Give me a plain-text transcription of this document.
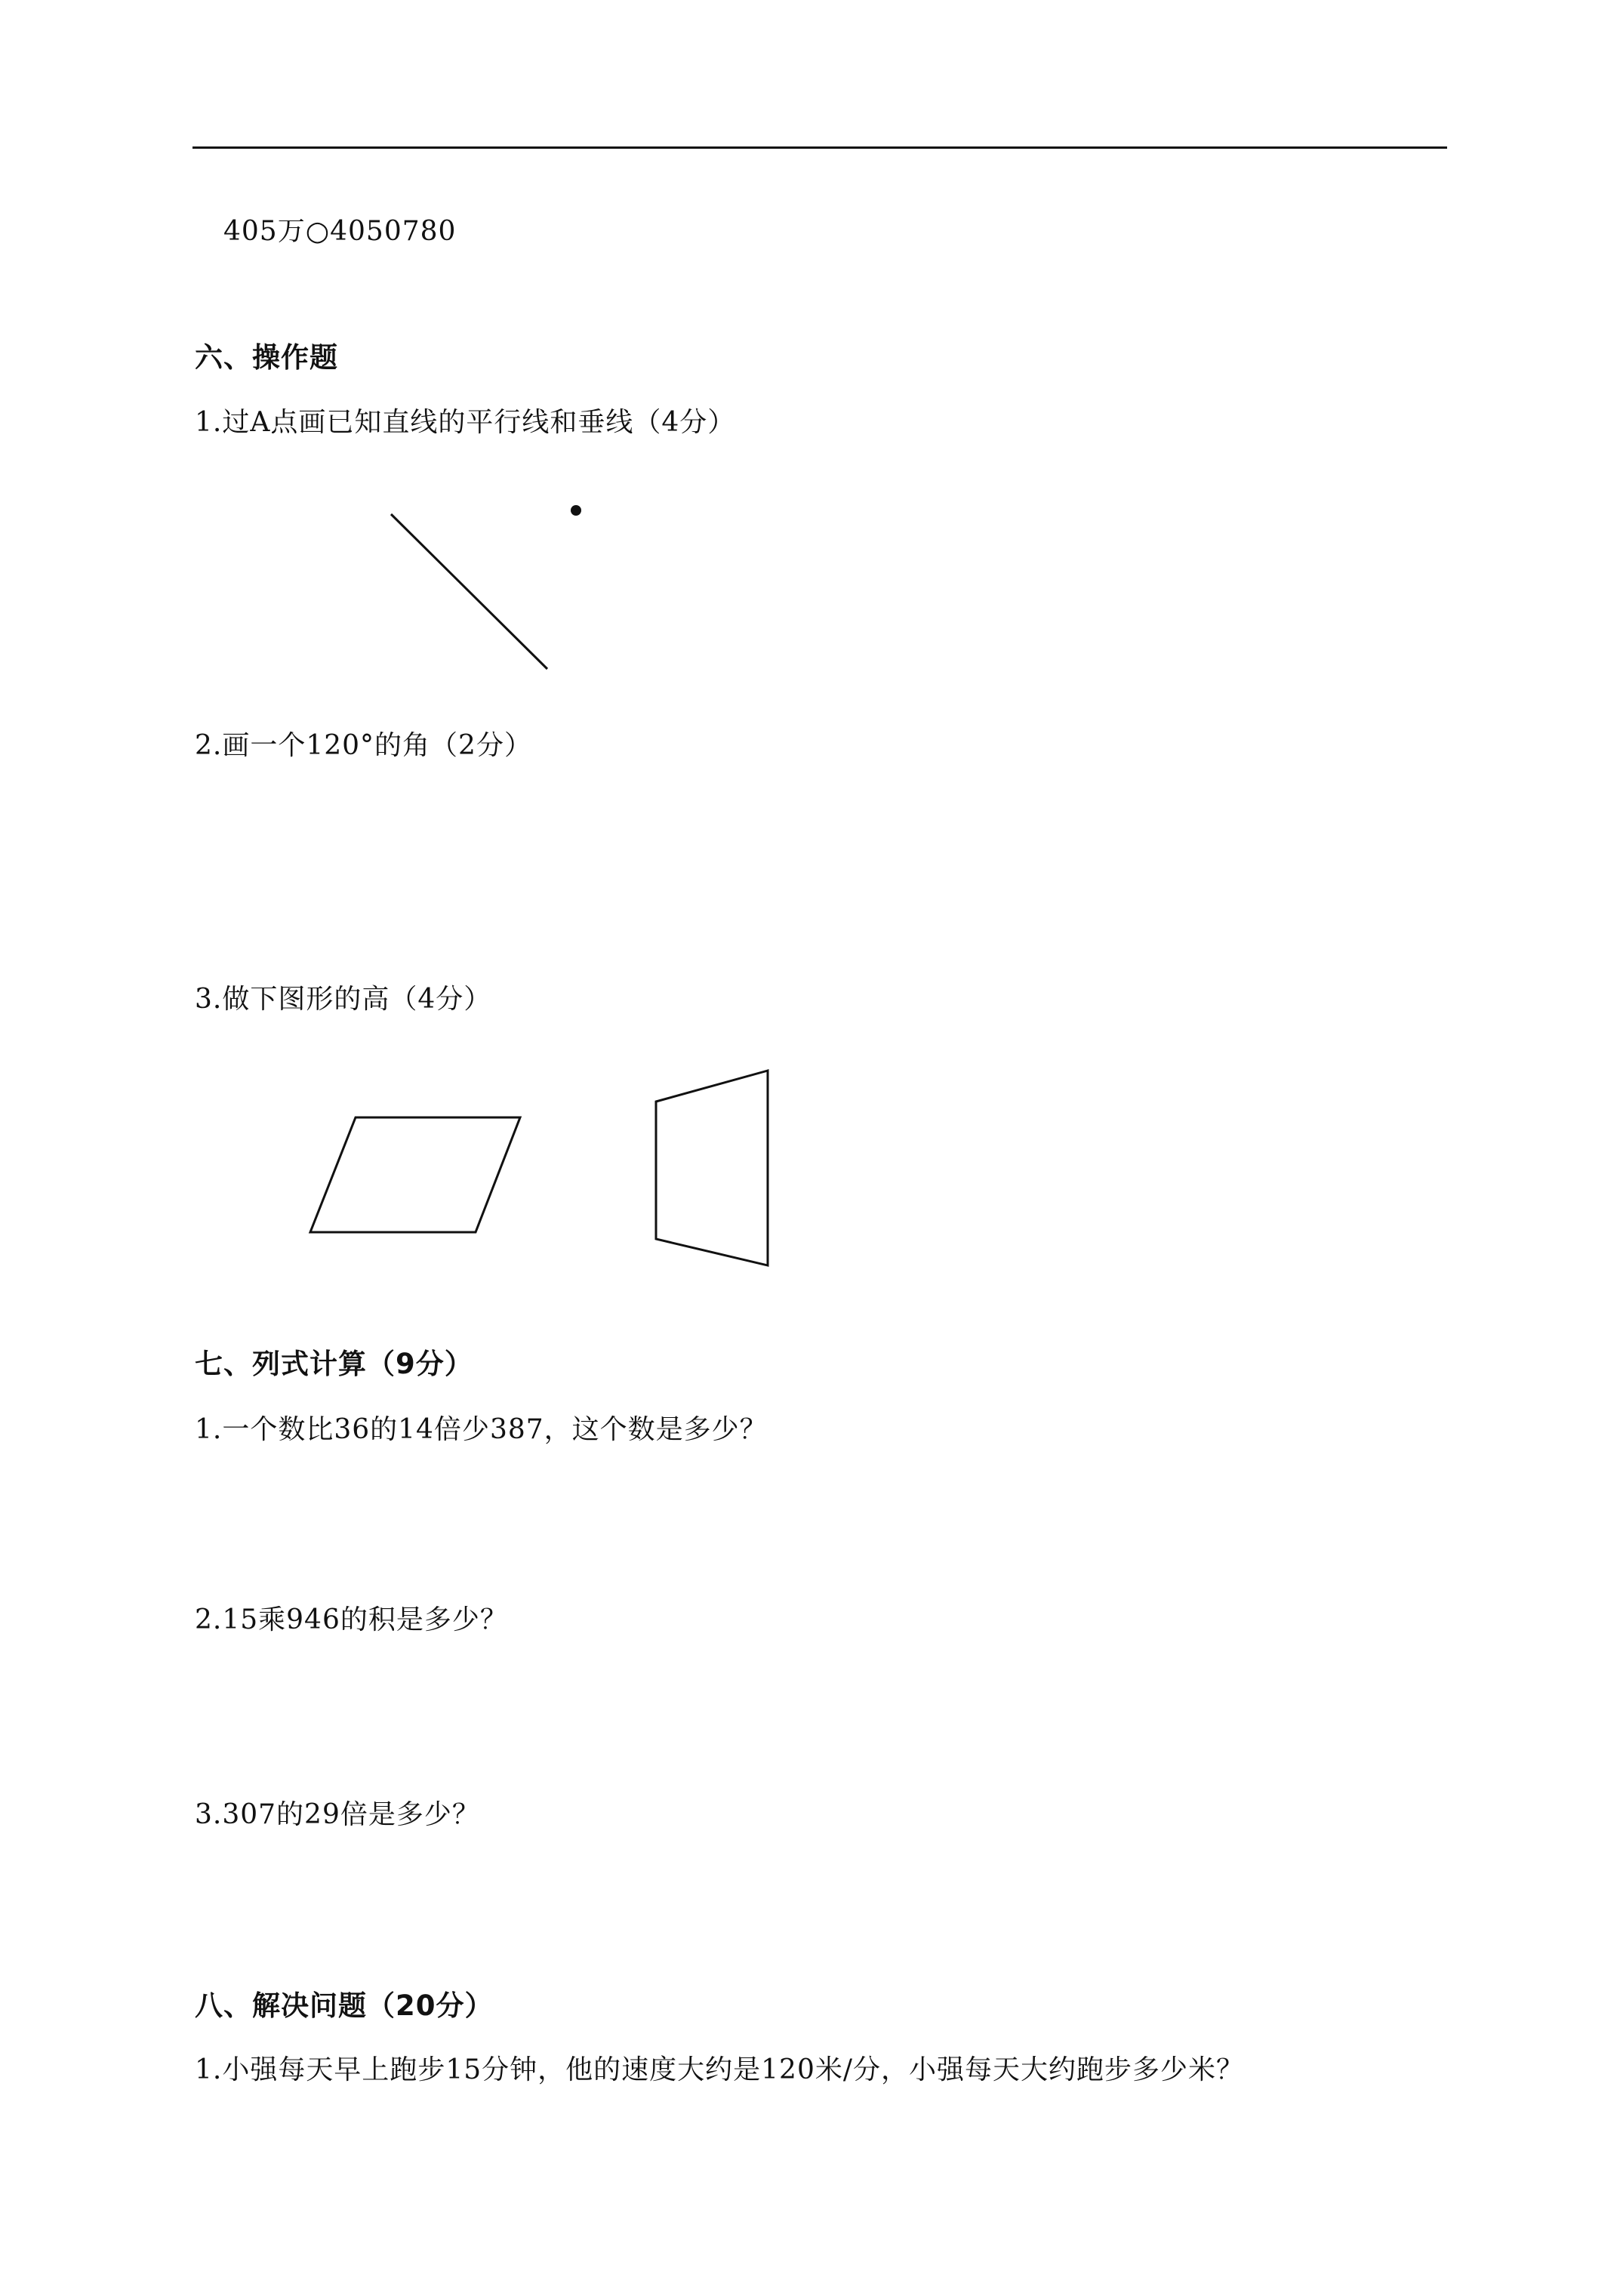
405万○4050780
六、操作题
1.过A点画已知直线的平行线和垂线（4分）
2.画一个120°的角（2分）
3.做下图形的高（4分）
七、列式计算（9分）
1.一个数比36的14倍少387，这个数是多少？
2.15乘946的积是多少？
3.307的29倍是多少？
八、解决问题（20分）
1.小强每天早上跑步15分钟，他的速度大约是120米/分，小强每天大约跑步多少米？
